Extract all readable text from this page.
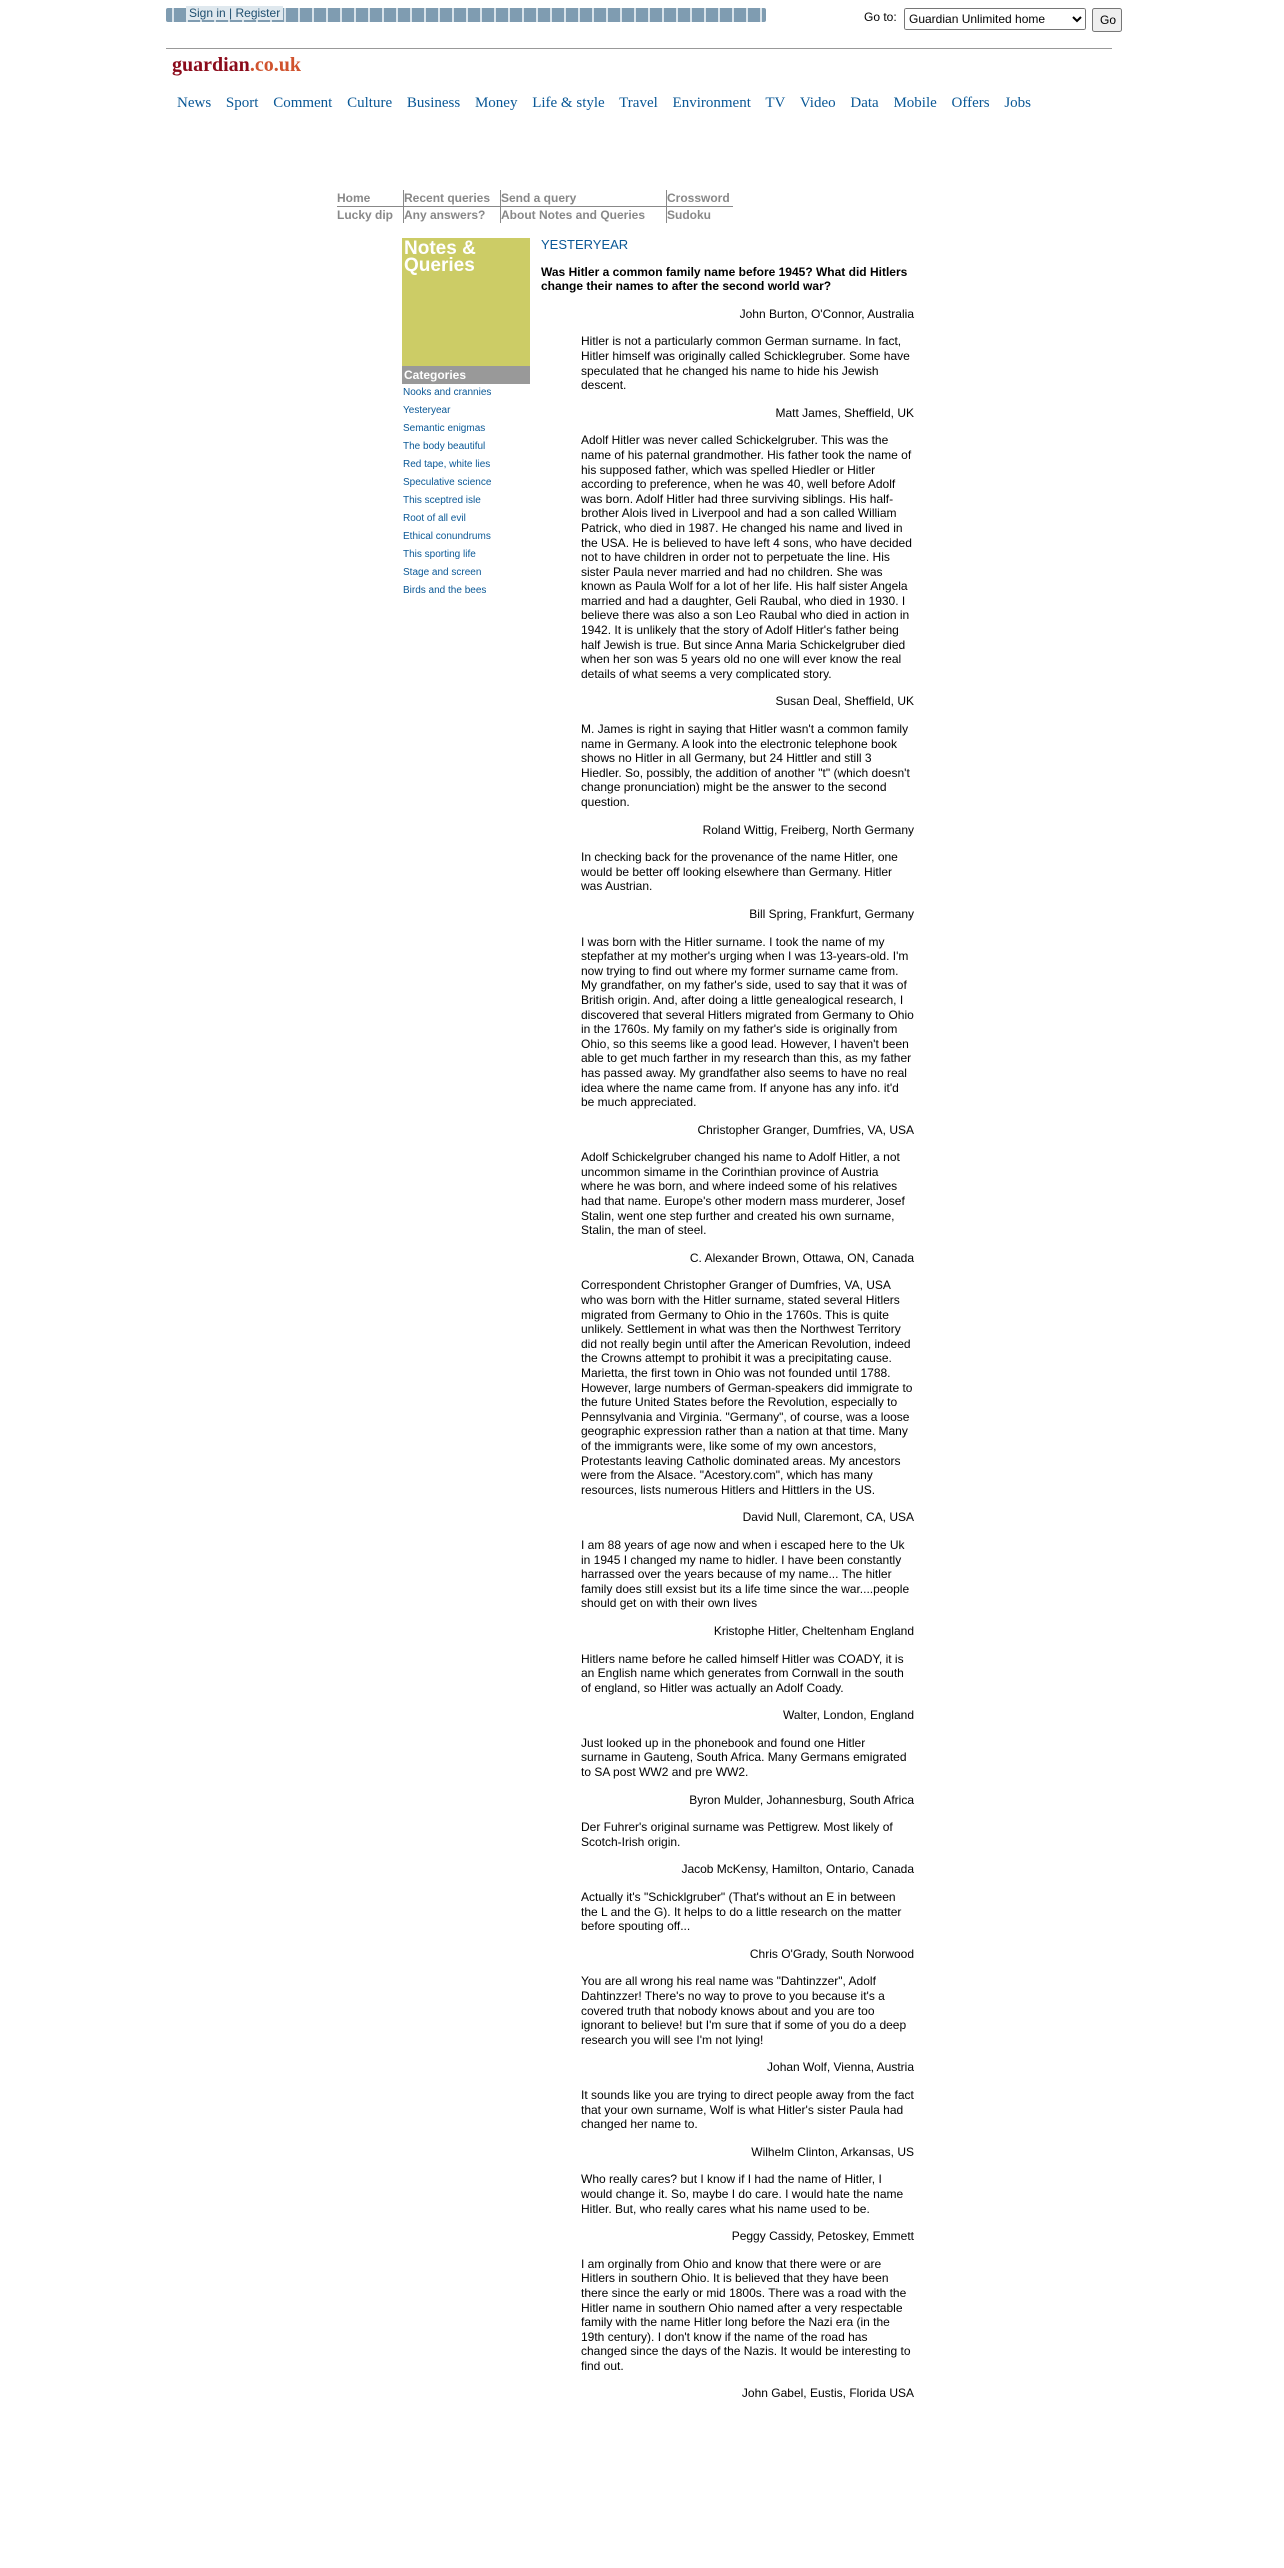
Sign in | Register	Go to:
Guardian Unlimited home	Go
guardian.co.uk
News Sport Comment Culture Business Money Life & style Travel Environment TV Video Data Mobile Offers Jobs
Home	Recent queries	Send a query	Crossword
Lucky dip	Any answers?	About Notes and Queries	Sudoku
Notes & Queries
Categories
Nooks and crannies
Yesteryear
Semantic enigmas
The body beautiful
Red tape, white lies
Speculative science
This sceptred isle
Root of all evil
Ethical conundrums
This sporting life
Stage and screen
Birds and the bees
YESTERYEAR
Was Hitler a common family name before 1945? What did Hitlers change their names to after the second world war?
John Burton, O'Connor, Australia
Hitler is not a particularly common German surname. In fact, Hitler himself was originally called Schicklegruber. Some have speculated that he changed his name to hide his Jewish descent.
Matt James, Sheffield, UK
Adolf Hitler was never called Schickelgruber. This was the name of his paternal grandmother. His father took the name of his supposed father, which was spelled Hiedler or Hitler according to preference, when he was 40, well before Adolf was born. Adolf Hitler had three surviving siblings. His half-brother Alois lived in Liverpool and had a son called William Patrick, who died in 1987. He changed his name and lived in the USA. He is believed to have left 4 sons, who have decided not to have children in order not to perpetuate the line. His sister Paula never married and had no children. She was known as Paula Wolf for a lot of her life. His half sister Angela married and had a daughter, Geli Raubal, who died in 1930. I believe there was also a son Leo Raubal who died in action in 1942. It is unlikely that the story of Adolf Hitler's father being half Jewish is true. But since Anna Maria Schickelgruber died when her son was 5 years old no one will ever know the real details of what seems a very complicated story.
Susan Deal, Sheffield, UK
M. James is right in saying that Hitler wasn't a common family name in Germany. A look into the electronic telephone book shows no Hitler in all Germany, but 24 Hittler and still 3 Hiedler. So, possibly, the addition of another "t" (which doesn't change pronunciation) might be the answer to the second question.
Roland Wittig, Freiberg, North Germany
In checking back for the provenance of the name Hitler, one would be better off looking elsewhere than Germany. Hitler was Austrian.
Bill Spring, Frankfurt, Germany
I was born with the Hitler surname. I took the name of my stepfather at my mother's urging when I was 13-years-old. I'm now trying to find out where my former surname came from. My grandfather, on my father's side, used to say that it was of British origin. And, after doing a little genealogical research, I discovered that several Hitlers migrated from Germany to Ohio in the 1760s. My family on my father's side is originally from Ohio, so this seems like a good lead. However, I haven't been able to get much farther in my research than this, as my father has passed away. My grandfather also seems to have no real idea where the name came from. If anyone has any info. it'd be much appreciated.
Christopher Granger, Dumfries, VA, USA
Adolf Schickelgruber changed his name to Adolf Hitler, a not uncommon simame in the Corinthian province of Austria where he was born, and where indeed some of his relatives had that name. Europe's other modern mass murderer, Josef Stalin, went one step further and created his own surname, Stalin, the man of steel.
C. Alexander Brown, Ottawa, ON, Canada
Correspondent Christopher Granger of Dumfries, VA, USA who was born with the Hitler surname, stated several Hitlers migrated from Germany to Ohio in the 1760s. This is quite unlikely. Settlement in what was then the Northwest Territory did not really begin until after the American Revolution, indeed the Crowns attempt to prohibit it was a precipitating cause. Marietta, the first town in Ohio was not founded until 1788. However, large numbers of German-speakers did immigrate to the future United States before the Revolution, especially to Pennsylvania and Virginia. "Germany", of course, was a loose geographic expression rather than a nation at that time. Many of the immigrants were, like some of my own ancestors, Protestants leaving Catholic dominated areas. My ancestors were from the Alsace. "Acestory.com", which has many resources, lists numerous Hitlers and Hittlers in the US.
David Null, Claremont, CA, USA
I am 88 years of age now and when i escaped here to the Uk in 1945 I changed my name to hidler. I have been constantly harrassed over the years because of my name... The hitler family does still exsist but its a life time since the war....people should get on with their own lives
Kristophe Hitler, Cheltenham England
Hitlers name before he called himself Hitler was COADY, it is an English name which generates from Cornwall in the south of england, so Hitler was actually an Adolf Coady.
Walter, London, England
Just looked up in the phonebook and found one Hitler surname in Gauteng, South Africa. Many Germans emigrated to SA post WW2 and pre WW2.
Byron Mulder, Johannesburg, South Africa
Der Fuhrer's original surname was Pettigrew. Most likely of Scotch-Irish origin.
Jacob McKensy, Hamilton, Ontario, Canada
Actually it's "Schicklgruber" (That's without an E in between the L and the G). It helps to do a little research on the matter before spouting off...
Chris O'Grady, South Norwood
You are all wrong his real name was "Dahtinzzer", Adolf Dahtinzzer! There's no way to prove to you because it's a covered truth that nobody knows about and you are too ignorant to believe! but I'm sure that if some of you do a deep research you will see I'm not lying!
Johan Wolf, Vienna, Austria
It sounds like you are trying to direct people away from the fact that your own surname, Wolf is what Hitler's sister Paula had changed her name to.
Wilhelm Clinton, Arkansas, US
Who really cares? but I know if I had the name of Hitler, I would change it. So, maybe I do care. I would hate the name Hitler. But, who really cares what his name used to be.
Peggy Cassidy, Petoskey, Emmett
I am orginally from Ohio and know that there were or are Hitlers in southern Ohio. It is believed that they have been there since the early or mid 1800s. There was a road with the Hitler name in southern Ohio named after a very respectable family with the name Hitler long before the Nazi era (in the 19th century). I don't know if the name of the road has changed since the days of the Nazis. It would be interesting to find out.
John Gabel, Eustis, Florida USA
